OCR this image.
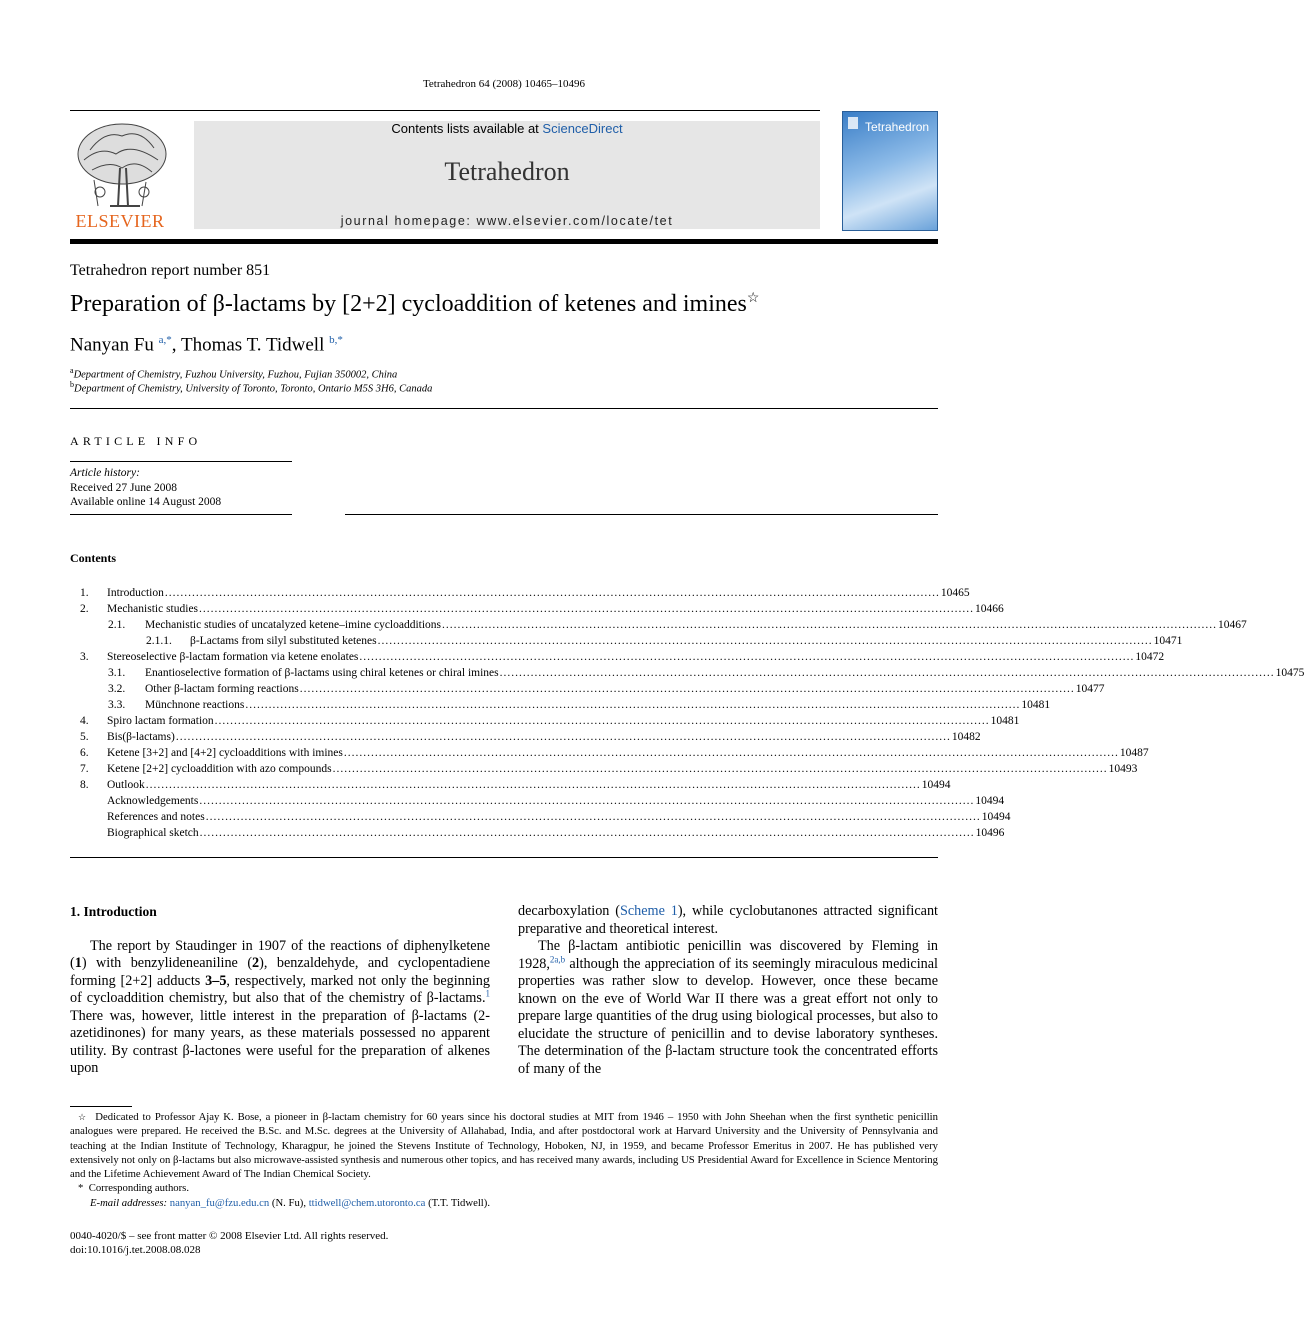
Tetrahedron 64 (2008) 10465–10496
ELSEVIER
Contents lists available at ScienceDirect
Tetrahedron
journal homepage: www.elsevier.com/locate/tet
Tetrahedron
Tetrahedron report number 851
Preparation of β-lactams by [2+2] cycloaddition of ketenes and imines☆
Nanyan Fu $^{a,*}$, Thomas T. Tidwell $^{b,*}$
$^a$Department of Chemistry, Fuzhou University, Fuzhou, Fujian 350002, China
$^b$Department of Chemistry, University of Toronto, Toronto, Ontario M5S 3H6, Canada
ARTICLE INFO
Article history:
Received 27 June 2008
Available online 14 August 2008
Contents
1. Introduction ........................................................................................................................................................................................................ 10465
2. Mechanistic studies ........................................................................................................................................................................................................ 10466
2.1. Mechanistic studies of uncatalyzed ketene–imine cycloadditions ........................................................................................................................................................................................................ 10467
2.1.1. β-Lactams from silyl substituted ketenes ........................................................................................................................................................................................................ 10471
3. Stereoselective β-lactam formation via ketene enolates ........................................................................................................................................................................................................ 10472
3.1. Enantioselective formation of β-lactams using chiral ketenes or chiral imines ........................................................................................................................................................................................................ 10475
3.2. Other β-lactam forming reactions ........................................................................................................................................................................................................ 10477
3.3. Münchnone reactions ........................................................................................................................................................................................................ 10481
4. Spiro lactam formation ........................................................................................................................................................................................................ 10481
5. Bis(β-lactams) ........................................................................................................................................................................................................ 10482
6. Ketene [3+2] and [4+2] cycloadditions with imines ........................................................................................................................................................................................................ 10487
7. Ketene [2+2] cycloaddition with azo compounds ........................................................................................................................................................................................................ 10493
8. Outlook ........................................................................................................................................................................................................ 10494
Acknowledgements ........................................................................................................................................................................................................ 10494
References and notes ........................................................................................................................................................................................................ 10494
Biographical sketch ........................................................................................................................................................................................................ 10496
1. Introduction

The report by Staudinger in 1907 of the reactions of diphenylketene (1) with benzylideneaniline (2), benzaldehyde, and cyclopentadiene forming [2+2] adducts 3–5, respectively, marked not only the beginning of cycloaddition chemistry, but also that of the chemistry of β-lactams.$^1$ There was, however, little interest in the preparation of β-lactams (2-azetidinones) for many years, as these materials possessed no apparent utility. By contrast β-lactones were useful for the preparation of alkenes upon

decarboxylation (Scheme 1), while cyclobutanones attracted significant preparative and theoretical interest.

The β-lactam antibiotic penicillin was discovered by Fleming in 1928,$^{2a,b}$ although the appreciation of its seemingly miraculous medicinal properties was rather slow to develop. However, once these became known on the eve of World War II there was a great effort not only to prepare large quantities of the drug using biological processes, but also to elucidate the structure of penicillin and to devise laboratory syntheses. The determination of the β-lactam structure took the concentrated efforts of many of the

☆ Dedicated to Professor Ajay K. Bose, a pioneer in β-lactam chemistry for 60 years since his doctoral studies at MIT from 1946 – 1950 with John Sheehan when the first synthetic penicillin analogues were prepared. He received the B.Sc. and M.Sc. degrees at the University of Allahabad, India, and after postdoctoral work at Harvard University and the University of Pennsylvania and teaching at the Indian Institute of Technology, Kharagpur, he joined the Stevens Institute of Technology, Hoboken, NJ, in 1959, and became Professor Emeritus in 2007. He has published very extensively not only on β-lactams but also microwave-assisted synthesis and numerous other topics, and has received many awards, including US Presidential Award for Excellence in Science Mentoring and the Lifetime Achievement Award of The Indian Chemical Society.

* Corresponding authors.

E-mail addresses: nanyan_fu@fzu.edu.cn (N. Fu), ttidwell@chem.utoronto.ca (T.T. Tidwell).

0040-4020/$ – see front matter © 2008 Elsevier Ltd. All rights reserved.
doi:10.1016/j.tet.2008.08.028
